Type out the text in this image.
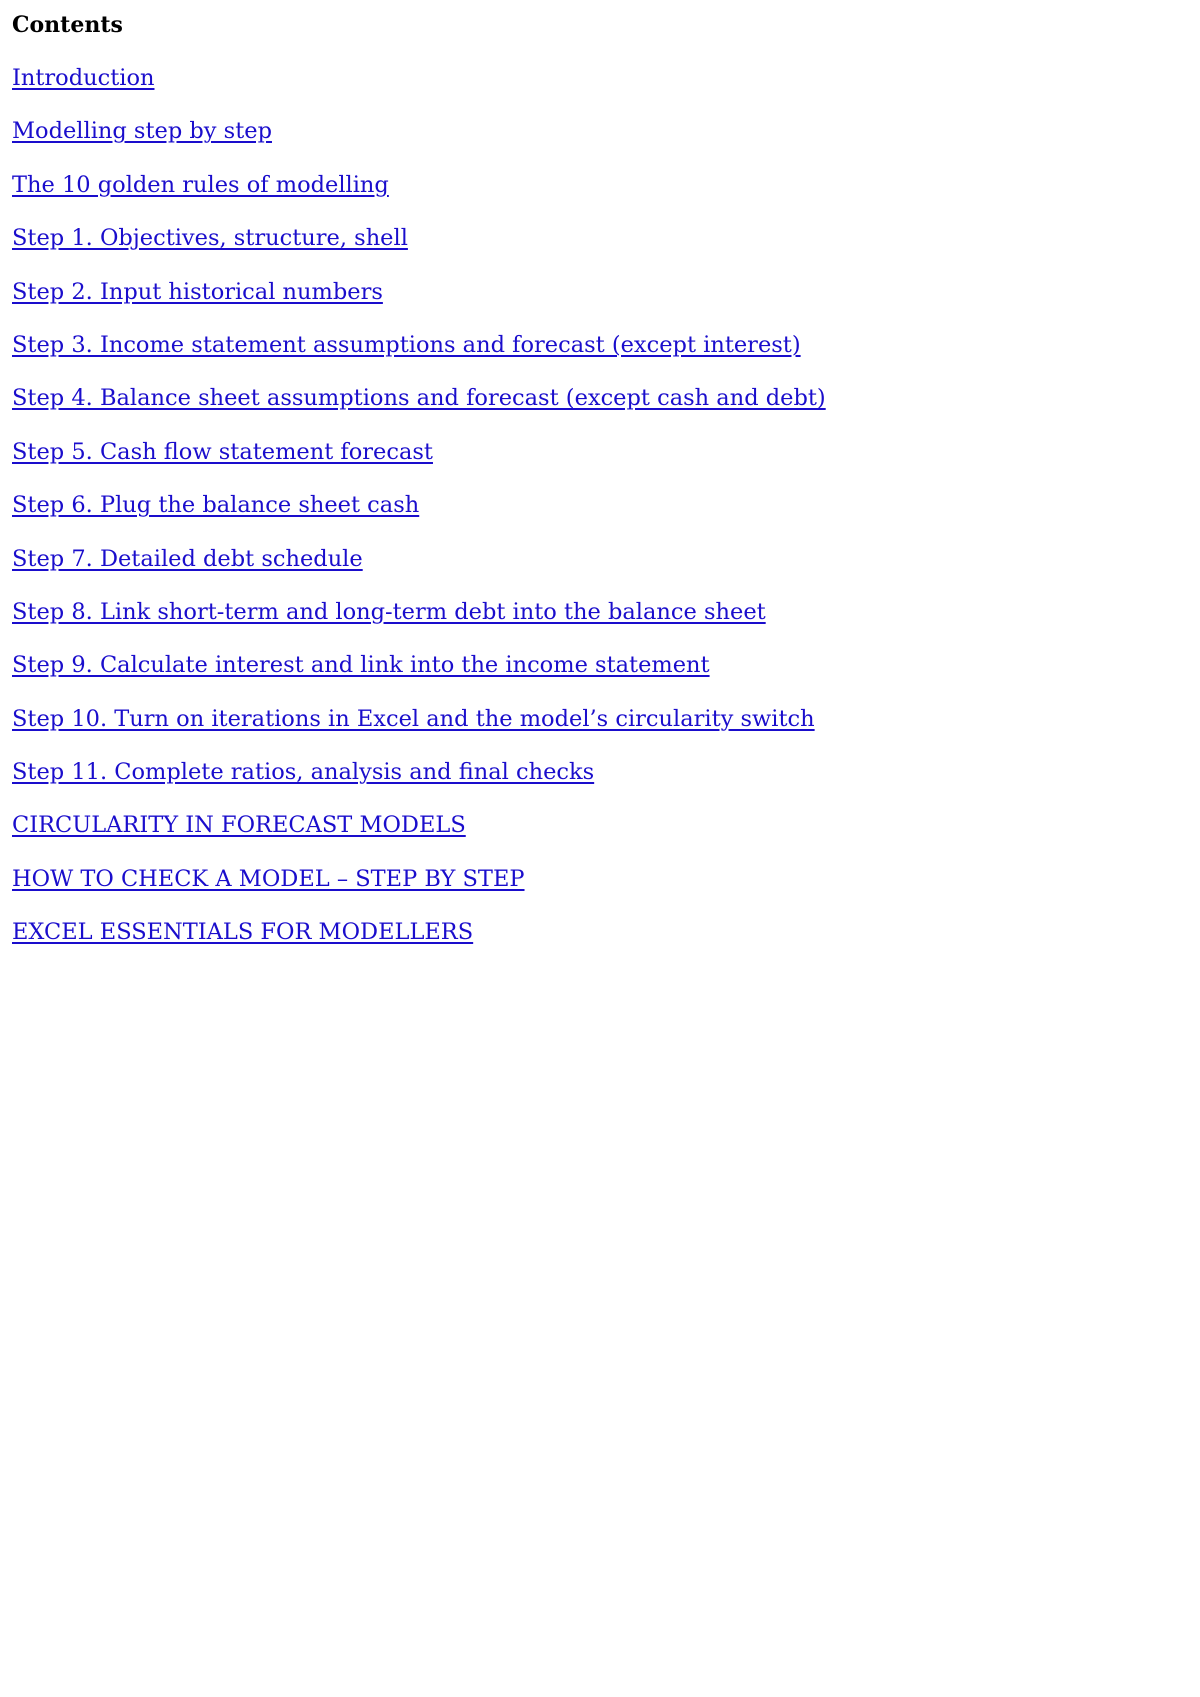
Contents
Introduction
Modelling step by step
The 10 golden rules of modelling
Step 1. Objectives, structure, shell
Step 2. Input historical numbers
Step 3. Income statement assumptions and forecast (except interest)
Step 4. Balance sheet assumptions and forecast (except cash and debt)
Step 5. Cash flow statement forecast
Step 6. Plug the balance sheet cash
Step 7. Detailed debt schedule
Step 8. Link short-term and long-term debt into the balance sheet
Step 9. Calculate interest and link into the income statement
Step 10. Turn on iterations in Excel and the model’s circularity switch
Step 11. Complete ratios, analysis and final checks
CIRCULARITY IN FORECAST MODELS
HOW TO CHECK A MODEL – STEP BY STEP
EXCEL ESSENTIALS FOR MODELLERS
